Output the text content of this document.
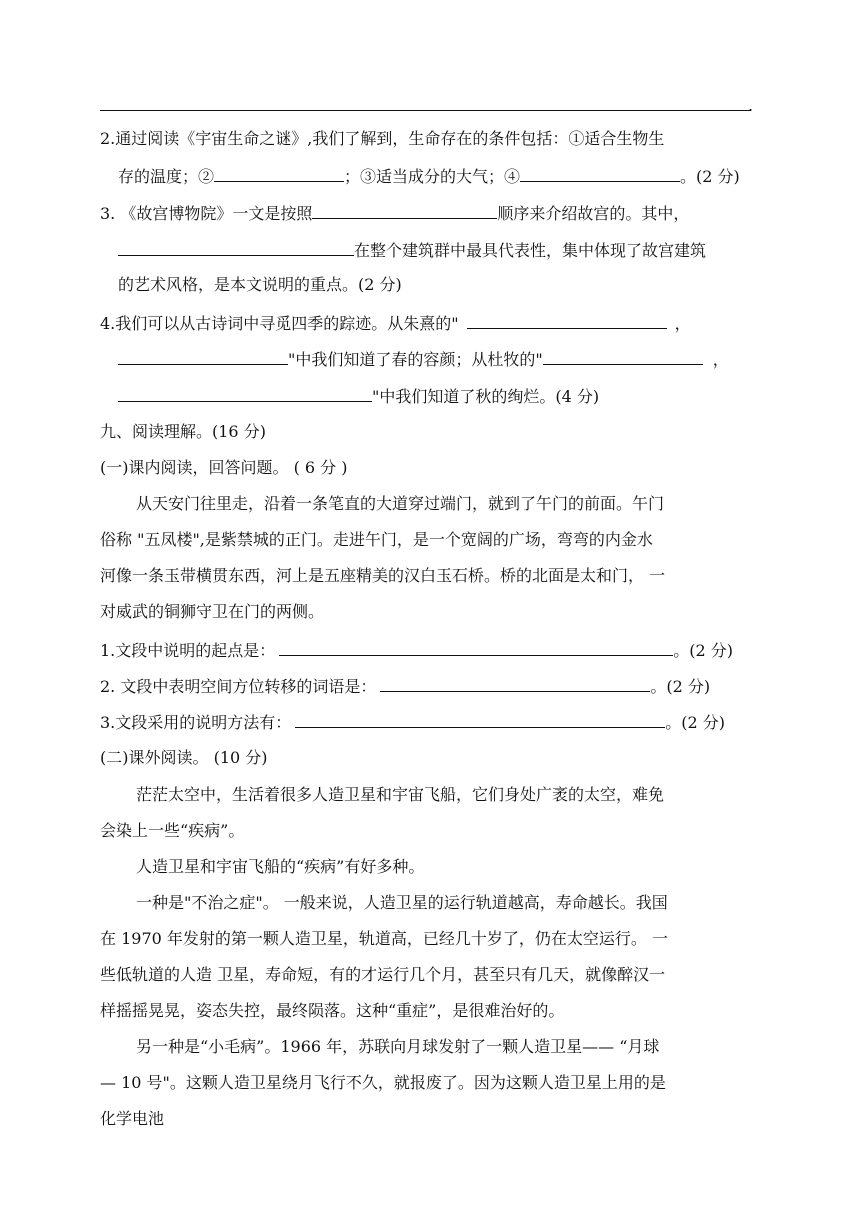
.
2.通过阅读《宇宙生命之谜》,我们了解到，生命存在的条件包括：①适合生物生
存的温度；②	；③适当成分的大气；④	。(2 分)
3. 《故宫博物院》一文是按照	顺序来介绍故宫的。其中，
在整个建筑群中最具代表性，集中体现了故宫建筑
的艺术风格，是本文说明的重点。(2 分)
4.我们可以从古诗词中寻觅四季的踪迹。从朱熹的"	，
"中我们知道了春的容颜；从杜牧的"	，
"中我们知道了秋的绚烂。(4 分)
九、阅读理解。(16 分)
(一)课内阅读，回答问题。 ( 6 分 )
从天安门往里走，沿着一条笔直的大道穿过端门，就到了午门的前面。午门
俗称 "五凤楼",是紫禁城的正门。走进午门，是一个宽阔的广场，弯弯的内金水
河像一条玉带横贯东西，河上是五座精美的汉白玉石桥。桥的北面是太和门， 一
对威武的铜狮守卫在门的两侧。
1.文段中说明的起点是：	。(2 分)
2. 文段中表明空间方位转移的词语是：	。(2 分)
3.文段采用的说明方法有：	。(2 分)
(二)课外阅读。 (10 分)
茫茫太空中，生活着很多人造卫星和宇宙飞船，它们身处广袤的太空，难免
会染上一些“疾病”。
人造卫星和宇宙飞船的“疾病”有好多种。
一种是"不治之症"。 一般来说，人造卫星的运行轨道越高，寿命越长。我国
在 1970 年发射的第一颗人造卫星，轨道高，已经几十岁了，仍在太空运行。 一
些低轨道的人造 卫星，寿命短，有的才运行几个月，甚至只有几天，就像醉汉一
样摇摇晃晃，姿态失控，最终陨落。这种“重症”，是很难治好的。
另一种是“小毛病”。1966 年，苏联向月球发射了一颗人造卫星—— “月球
— 10 号"。这颗人造卫星绕月飞行不久，就报废了。因为这颗人造卫星上用的是
化学电池
